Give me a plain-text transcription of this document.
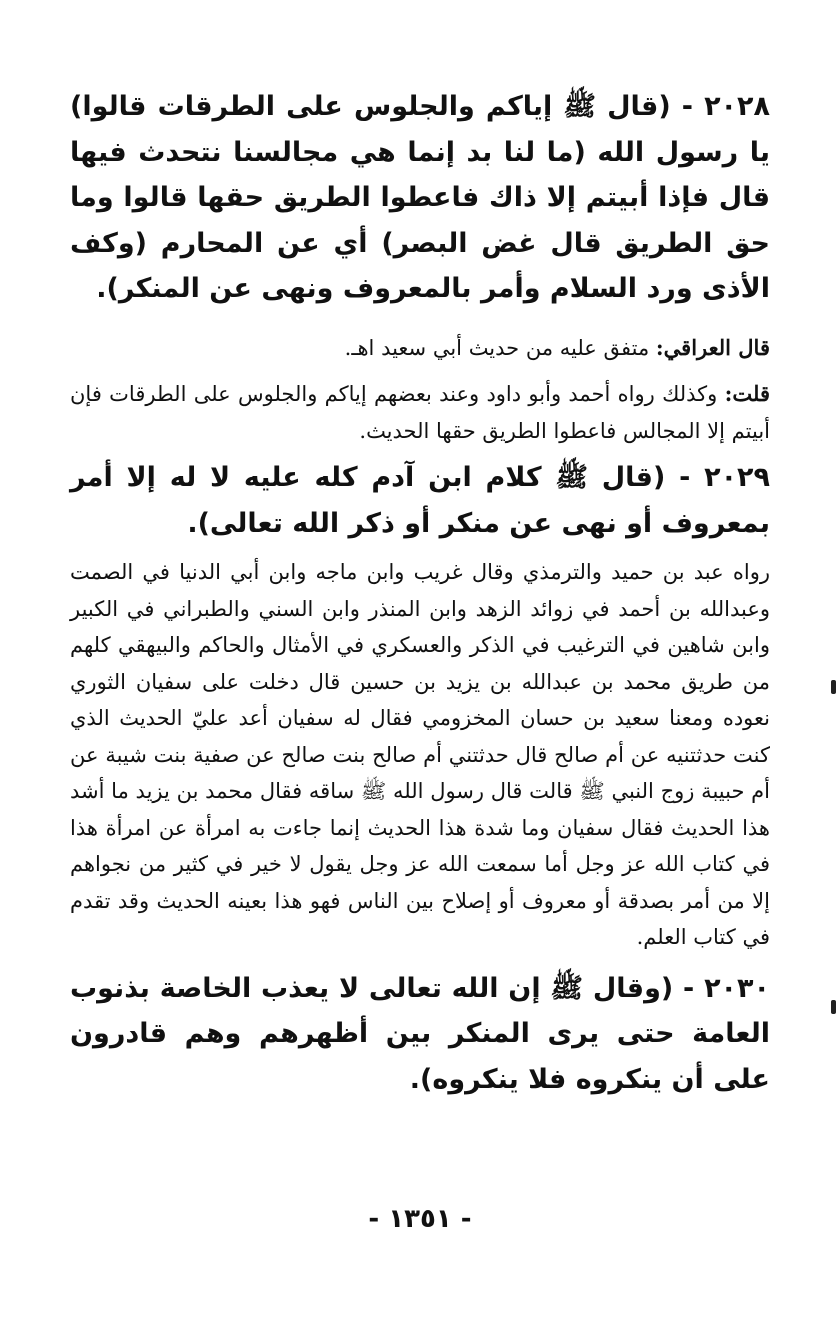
٢٠٢٨ - (قال ﷺ إياكم والجلوس على الطرقات قالوا) يا رسول الله (ما لنا بد إنما هي مجالسنا نتحدث فيها قال فإذا أبيتم إلا ذاك فاعطوا الطريق حقها قالوا وما حق الطريق قال غض البصر) أي عن المحارم (وكف الأذى ورد السلام وأمر بالمعروف ونهى عن المنكر).

قال العراقي: متفق عليه من حديث أبي سعيد اهـ.

قلت: وكذلك رواه أحمد وأبو داود وعند بعضهم إياكم والجلوس على الطرقات فإن أبيتم إلا المجالس فاعطوا الطريق حقها الحديث.

٢٠٢٩ - (قال ﷺ كلام ابن آدم كله عليه لا له إلا أمر بمعروف أو نهى عن منكر أو ذكر الله تعالى).

رواه عبد بن حميد والترمذي وقال غريب وابن ماجه وابن أبي الدنيا في الصمت وعبدالله بن أحمد في زوائد الزهد وابن المنذر وابن السني والطبراني في الكبير وابن شاهين في الترغيب في الذكر والعسكري في الأمثال والحاكم والبيهقي كلهم من طريق محمد بن عبدالله بن يزيد بن حسين قال دخلت على سفيان الثوري نعوده ومعنا سعيد بن حسان المخزومي فقال له سفيان أعد عليّ الحديث الذي كنت حدثتنيه عن أم صالح قال حدثتني أم صالح بنت صالح عن صفية بنت شيبة عن أم حبيبة زوج النبي ﷺ قالت قال رسول الله ﷺ ساقه فقال محمد بن يزيد ما أشد هذا الحديث فقال سفيان وما شدة هذا الحديث إنما جاءت به امرأة عن امرأة هذا في كتاب الله عز وجل أما سمعت الله عز وجل يقول لا خير في كثير من نجواهم إلا من أمر بصدقة أو معروف أو إصلاح بين الناس فهو هذا بعينه الحديث وقد تقدم في كتاب العلم.

٢٠٣٠ - (وقال ﷺ إن الله تعالى لا يعذب الخاصة بذنوب العامة حتى يرى المنكر بين أظهرهم وهم قادرون على أن ينكروه فلا ينكروه).

- ١٣٥١ -
